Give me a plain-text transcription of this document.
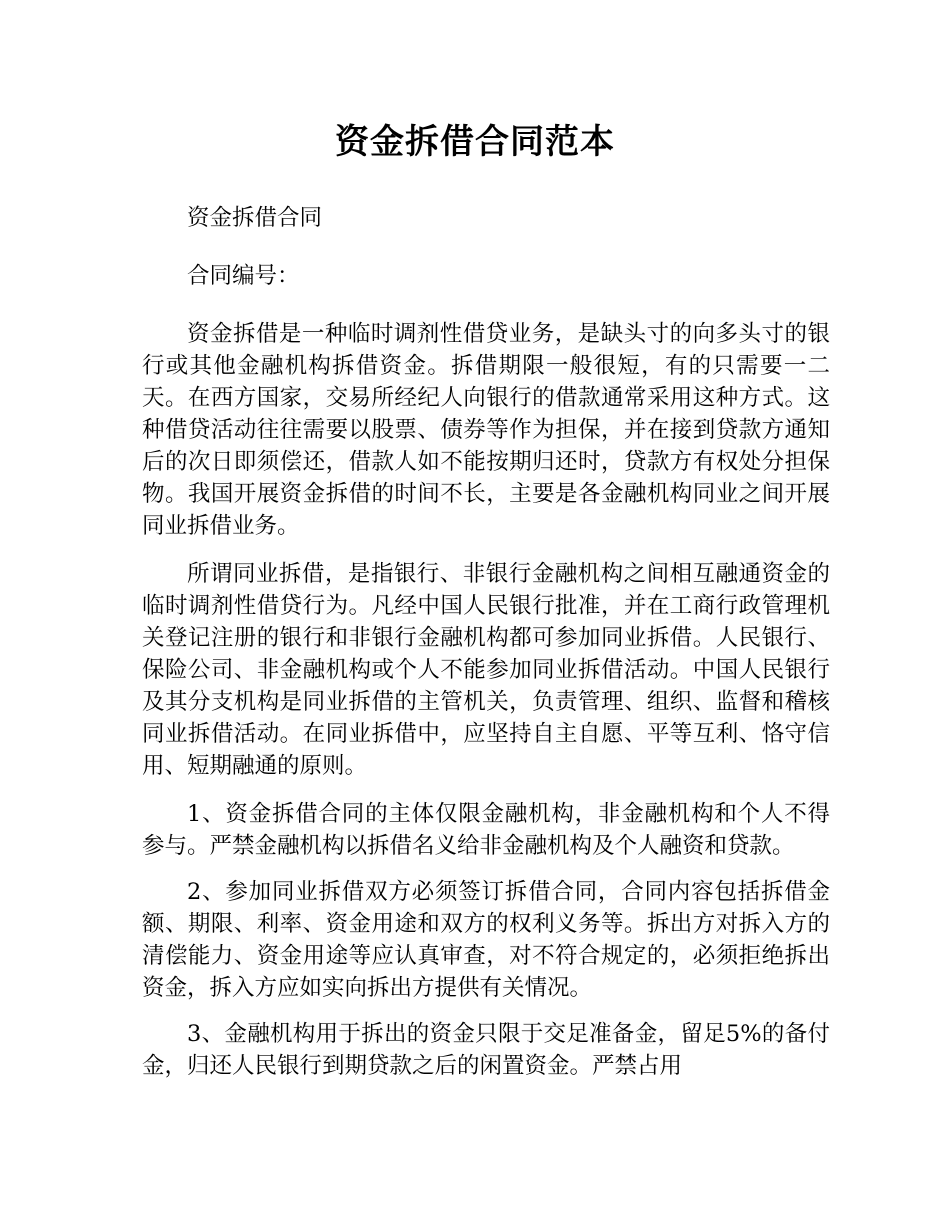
资金拆借合同范本

资金拆借合同

合同编号：

资金拆借是一种临时调剂性借贷业务，是缺头寸的向多头寸的银行或其他金融机构拆借资金。拆借期限一般很短，有的只需要一二天。在西方国家，交易所经纪人向银行的借款通常采用这种方式。这种借贷活动往往需要以股票、债券等作为担保，并在接到贷款方通知后的次日即须偿还，借款人如不能按期归还时，贷款方有权处分担保物。我国开展资金拆借的时间不长，主要是各金融机构同业之间开展同业拆借业务。

所谓同业拆借，是指银行、非银行金融机构之间相互融通资金的临时调剂性借贷行为。凡经中国人民银行批准，并在工商行政管理机关登记注册的银行和非银行金融机构都可参加同业拆借。人民银行、保险公司、非金融机构或个人不能参加同业拆借活动。中国人民银行及其分支机构是同业拆借的主管机关，负责管理、组织、监督和稽核同业拆借活动。在同业拆借中，应坚持自主自愿、平等互利、恪守信用、短期融通的原则。

1、资金拆借合同的主体仅限金融机构，非金融机构和个人不得参与。严禁金融机构以拆借名义给非金融机构及个人融资和贷款。

2、参加同业拆借双方必须签订拆借合同，合同内容包括拆借金额、期限、利率、资金用途和双方的权利义务等。拆出方对拆入方的清偿能力、资金用途等应认真审查，对不符合规定的，必须拒绝拆出资金，拆入方应如实向拆出方提供有关情况。

3、金融机构用于拆出的资金只限于交足准备金，留足5%的备付金，归还人民银行到期贷款之后的闲置资金。严禁占用
